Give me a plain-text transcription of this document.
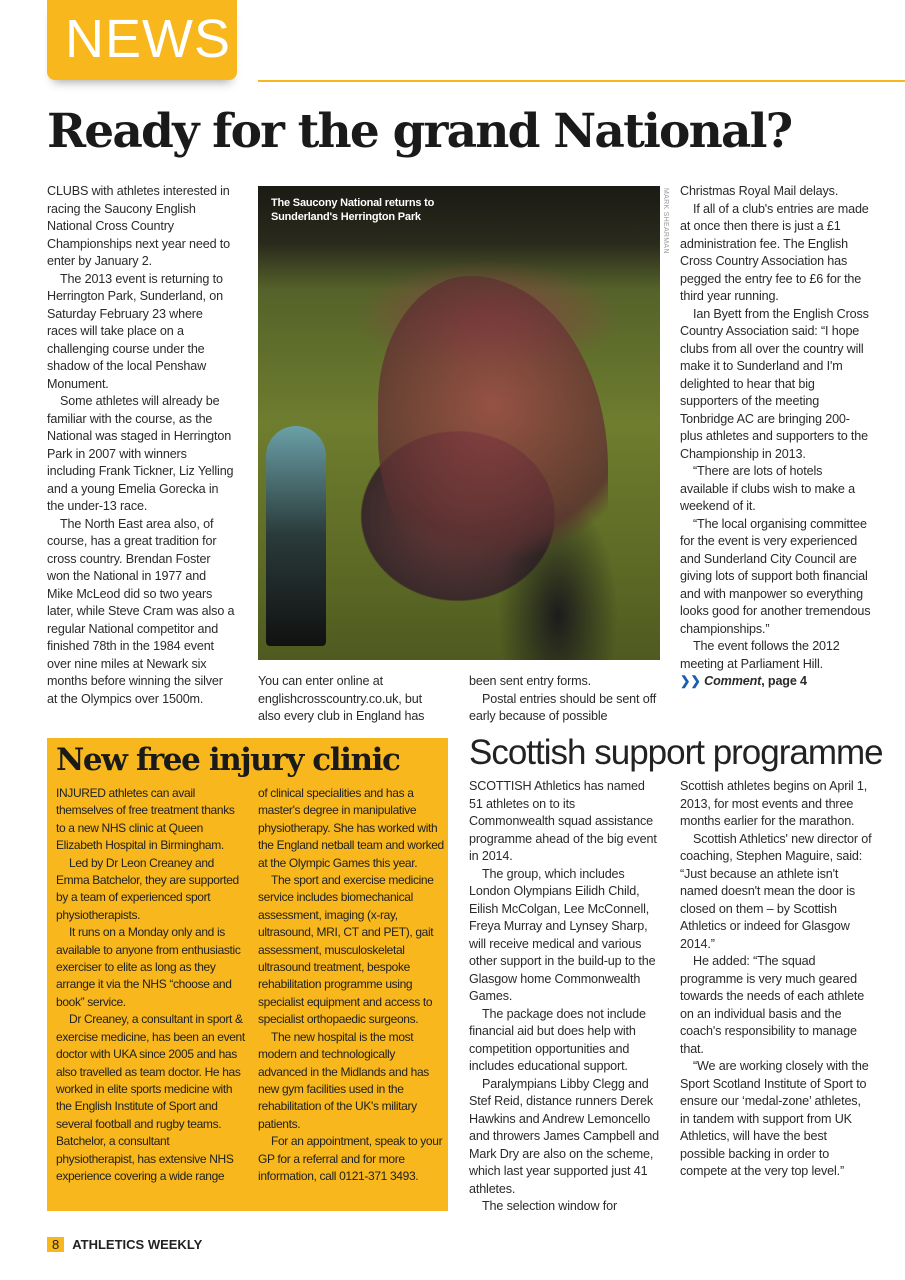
NEWS
Ready for the grand National?

CLUBS with athletes interested in racing the Saucony English National Cross Country Championships next year need to enter by January 2.

The 2013 event is returning to Herrington Park, Sunderland, on Saturday February 23 where races will take place on a challenging course under the shadow of the local Penshaw Monument.

Some athletes will already be familiar with the course, as the National was staged in Herrington Park in 2007 with winners including Frank Tickner, Liz Yelling and a young Emelia Gorecka in the under-13 race.

The North East area also, of course, has a great tradition for cross country. Brendan Foster won the National in 1977 and Mike McLeod did so two years later, while Steve Cram was also a regular National competitor and finished 78th in the 1984 event over nine miles at Newark six months before winning the silver at the Olympics over 1500m.

The Saucony National returns to
Sunderland's Herrington Park	MARK SHEARMAN

You can enter online at englishcrosscountry.co.uk, but also every club in England has

been sent entry forms.

Postal entries should be sent off early because of possible

Christmas Royal Mail delays.

If all of a club's entries are made at once then there is just a £1 administration fee. The English Cross Country Association has pegged the entry fee to £6 for the third year running.

Ian Byett from the English Cross Country Association said: “I hope clubs from all over the country will make it to Sunderland and I'm delighted to hear that big supporters of the meeting Tonbridge AC are bringing 200-plus athletes and supporters to the Championship in 2013.

“There are lots of hotels available if clubs wish to make a weekend of it.

“The local organising committee for the event is very experienced and Sunderland City Council are giving lots of support both financial and with manpower so everything looks good for another tremendous championships.”

The event follows the 2012 meeting at Parliament Hill.

❯❯ Comment, page 4

New free injury clinic

INJURED athletes can avail themselves of free treatment thanks to a new NHS clinic at Queen Elizabeth Hospital in Birmingham.

Led by Dr Leon Creaney and Emma Batchelor, they are supported by a team of experienced sport physiotherapists.

It runs on a Monday only and is available to anyone from enthusiastic exerciser to elite as long as they arrange it via the NHS “choose and book” service.

Dr Creaney, a consultant in sport & exercise medicine, has been an event doctor with UKA since 2005 and has also travelled as team doctor. He has worked in elite sports medicine with the English Institute of Sport and several football and rugby teams. Batchelor, a consultant physiotherapist, has extensive NHS experience covering a wide range

of clinical specialities and has a master's degree in manipulative physiotherapy. She has worked with the England netball team and worked at the Olympic Games this year.

The sport and exercise medicine service includes biomechanical assessment, imaging (x-ray, ultrasound, MRI, CT and PET), gait assessment, musculoskeletal ultrasound treatment, bespoke rehabilitation programme using specialist equipment and access to specialist orthopaedic surgeons.

The new hospital is the most modern and technologically advanced in the Midlands and has new gym facilities used in the rehabilitation of the UK's military patients.

For an appointment, speak to your GP for a referral and for more information, call 0121-371 3493.

Scottish support programme

SCOTTISH Athletics has named 51 athletes on to its Commonwealth squad assistance programme ahead of the big event in 2014.

The group, which includes London Olympians Eilidh Child, Eilish McColgan, Lee McConnell, Freya Murray and Lynsey Sharp, will receive medical and various other support in the build-up to the Glasgow home Commonwealth Games.

The package does not include financial aid but does help with competition opportunities and includes educational support.

Paralympians Libby Clegg and Stef Reid, distance runners Derek Hawkins and Andrew Lemoncello and throwers James Campbell and Mark Dry are also on the scheme, which last year supported just 41 athletes.

The selection window for

Scottish athletes begins on April 1, 2013, for most events and three months earlier for the marathon.

Scottish Athletics' new director of coaching, Stephen Maguire, said: “Just because an athlete isn't named doesn't mean the door is closed on them – by Scottish Athletics or indeed for Glasgow 2014.”

He added: “The squad programme is very much geared towards the needs of each athlete on an individual basis and the coach's responsibility to manage that.

“We are working closely with the Sport Scotland Institute of Sport to ensure our ‘medal-zone’ athletes, in tandem with support from UK Athletics, will have the best possible backing in order to compete at the very top level.”

8	ATHLETICS WEEKLY
